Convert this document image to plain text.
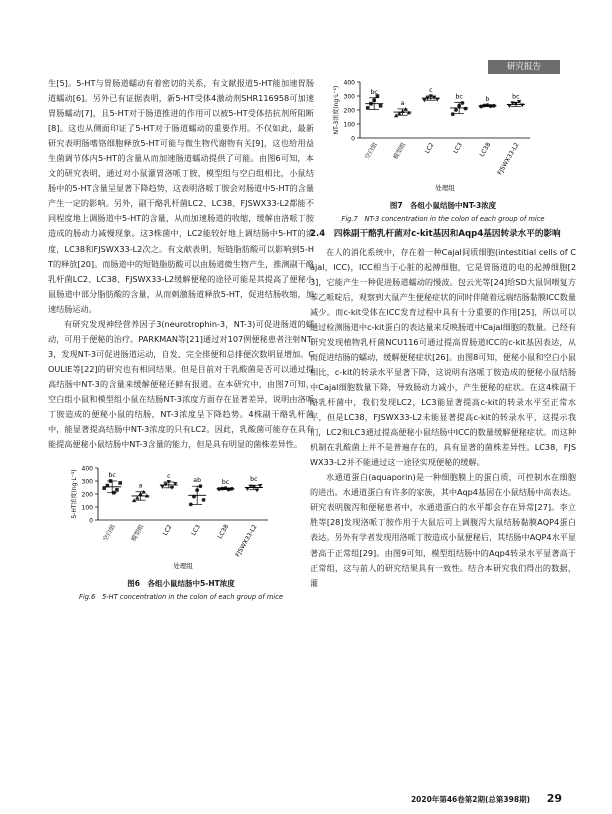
研究报告

生[5]。5-HT与胃肠道蠕动有着密切的关系，有文献报道5-HT能加速胃肠道蠕动[6]。另外已有证据表明，新5-HT受体4激动剂SHR116958可加速胃肠蠕动[7]，且5-HT对于肠道推进的作用可以被5-HT受体拮抗剂所阻断[8]。这也从侧面印证了5-HT对于肠道蠕动的重要作用。不仅如此，最新研究表明肠嗜铬细胞释放5-HT可能与微生物代谢物有关[9]，这也给用益生菌调节体内5-HT的含量从而加速肠道蠕动提供了可能。由图6可知，本文的研究表明，通过对小鼠灌胃洛哌丁胺，模型组与空白组相比，小鼠结肠中的5-HT含量呈显著下降趋势，这表明洛哌丁胺会对肠道中5-HT的含量产生一定的影响。另外，副干酪乳杆菌LC2、LC38、FJSWX33-L2都能不同程度地上调肠道中5-HT的含量，从而加速肠道的收缩，缓解由洛哌丁胺造成的肠动力减慢现象。这3株菌中，LC2能较好地上调结肠中5-HT的浓度，LC38和FJSWX33-L2次之。有文献表明，短链脂肪酸可以影响到5-HT的释放[20]。而肠道中的短链脂肪酸可以由肠道微生物产生，推测副干酪乳杆菌LC2、LC38、FJSWX33-L2缓解便秘的途径可能是其提高了便秘小鼠肠道中部分脂肪酸的含量，从而刺激肠道释放5-HT，促进结肠收缩，加速结肠运动。

有研究发现神经营养因子3(neurotrophin-3，NT-3)可促进肠道的蠕动，可用于便秘的治疗。PARKMAN等[21]通过对107例便秘患者注射NT-3，发现NT-3可促进肠道运动，自发、完全排便和总排便次数明显增加。COULIE等[22]的研究也有相同结果。但是目前对于乳酸菌是否可以通过提高结肠中NT-3的含量来缓解便秘还鲜有报道。在本研究中，由图7可知，空白组小鼠和模型组小鼠在结肠NT-3浓度方面存在显著差异，说明由洛哌丁胺造成的便秘小鼠的结肠，NT-3浓度呈下降趋势。4株副干酪乳杆菌中，能显著提高结肠中NT-3浓度的只有LC2。因此，乳酸菌可能存在具有能提高便秘小鼠结肠中NT-3含量的能力，但是具有明显的菌株差异性。

0
100
200
300
400
5-HT浓度(ng·L⁻¹)
空白组
bc
模型组
a
LC2
c
LC3
ab
LC38
bc
FJSWX33-L2
bc
处理组
图6　各组小鼠结肠中5-HT浓度
Fig.6　5-HT concentration in the colon of each group of mice
0
100
200
300
400
NT-3浓度(ng·L⁻¹)
空白组
bc
模型组
a
LC2
c
LC3
bc
LC38
b
FJSWX33-L2
bc
处理组
图7　各组小鼠结肠中NT-3浓度
Fig.7　NT-3 concentration in the colon of each group of mice
2.4　四株副干酪乳杆菌对c-kit基因和Aqp4基因转录水平的影响

在人的消化系统中，存在着一种Cajal间质细胞(intestitial cells of Cajal，ICC)，ICC相当于心脏的起搏细胞，它是胃肠道的电的起搏细胞[23]，它能产生一种促进肠道蠕动的慢波。包云光等[24]给SD大鼠饲喂复方苯乙哌啶后，观察到大鼠产生便秘症状的同时伴随着远端结肠黏膜ICC数量减少。而c-kit受体在ICC发育过程中具有十分重要的作用[25]，所以可以通过检测肠道中c-kit蛋白的表达量来反映肠道中Cajal细胞的数量。已经有研究发现植物乳杆菌NCU116可通过提高胃肠道ICC的c-kit基因表达，从而促进结肠的蠕动，缓解便秘症状[26]。由图8可知，便秘小鼠和空白小鼠相比，c-kit的转录水平显著下降，这说明有洛哌丁胺造成的便秘小鼠结肠中Cajal细胞数量下降，导致肠动力减小，产生便秘的症状。在这4株副干酪乳杆菌中，我们发现LC2，LC3能显著提高c-kit的转录水平至正常水平，但是LC38，FJSWX33-L2未能显著提高c-kit的转录水平，这提示我们，LC2和LC3通过提高便秘小鼠结肠中ICC的数量缓解便秘症状。而这种机制在乳酸菌上并不是普遍存在的，具有显著的菌株差异性。LC38，FJSWX33-L2并不能通过这一途径实现便秘的缓解。

水通道蛋白(aquaporin)是一种细胞膜上的蛋白质，可控制水在细胞的进出。水通道蛋白有许多的家族，其中Aqp4基因在小鼠结肠中高表达。研究表明腹泻和便秘患者中，水通道蛋白的水平都会存在异常[27]。李立胜等[28]发现洛哌丁胺作用于大鼠后可上调腹泻大鼠结肠黏膜AQP4蛋白表达。另外有学者发现用洛哌丁胺造成小鼠便秘后，其结肠中AQP4水平显著高于正常组[29]。由图9可知，模型组结肠中的Aqp4转录水平显著高于正常组，这与前人的研究结果具有一致性。结合本研究我们得出的数据，灌

2020年第46卷第2期(总第398期) 29
